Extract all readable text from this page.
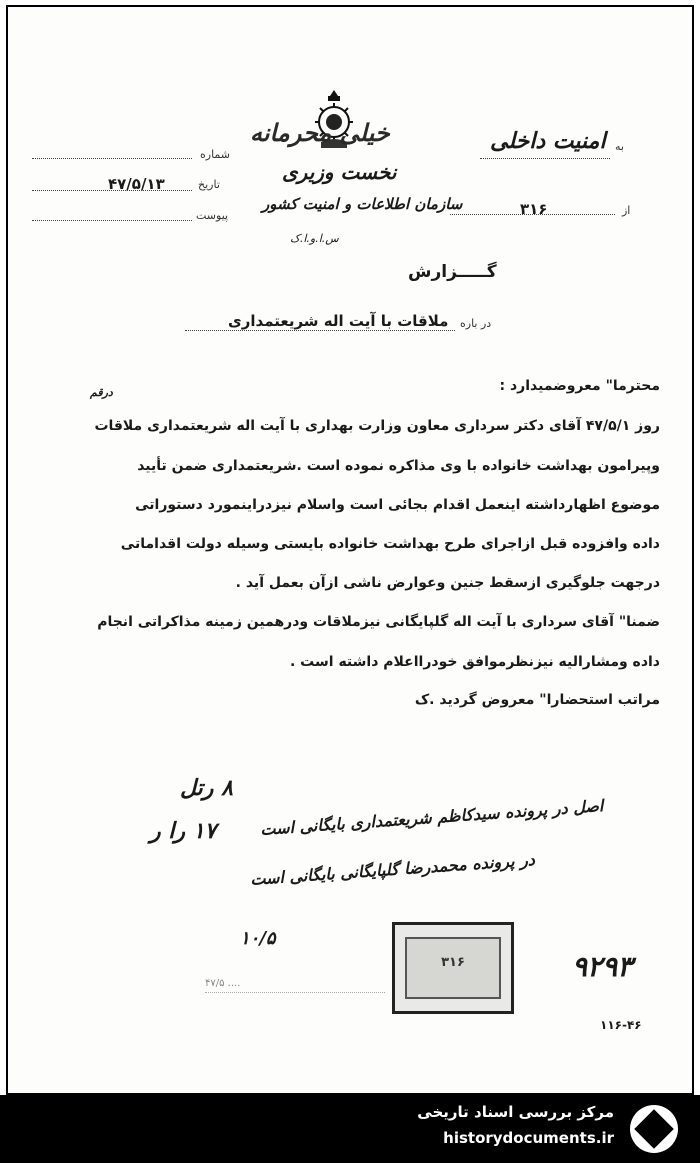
به
امنیت داخلی
از
۳۱۶
شماره
تاریخ
۴۷/۵/۱۳
پیوست
خیلی محرمانه
نخست وزیری
سازمان اطلاعات و امنیت کشور
س.ا.و.ا.ک
گـــــزارش
در باره
ملاقات با آیت اله شریعتمداری
درقم	محترما" معروضمیدارد :
روز ۴۷/۵/۱ آقای دکتر سرداری معاون وزارت بهداری با آیت اله شریعتمداری ملاقات
وپیرامون بهداشت خانواده با وی مذاکره نموده است .شریعتمداری ضمن تأیید
موضوع اظهارداشته اینعمل اقدام بجائی است واسلام نیزدراینمورد دستوراتی
داده وافزوده قبل ازاجرای طرح بهداشت خانواده بایستی وسیله دولت اقداماتی
درجهت جلوگیری ازسقط جنین وعوارض ناشی ازآن بعمل آید .
ضمنا" آقای سرداری با آیت اله گلپایگانی نیزملاقات ودرهمین زمینه مذاکراتی انجام
داده ومشارالیه نیزنظرموافق خودرااعلام داشته است .
مراتب استحضارا" معروض گردید .ک
۸ رتل
۱۷ را ر	اصل در پرونده سیدکاظم شریعتمداری بایگانی است
در پرونده محمدرضا گلپایگانی بایگانی است
۱۰/۵
۳۱۶	۹۲۹۳
۴۷/۵ ....
۱۱۶-۴۶
مرکز بررسی اسناد تاریخی
historydocuments.ir
